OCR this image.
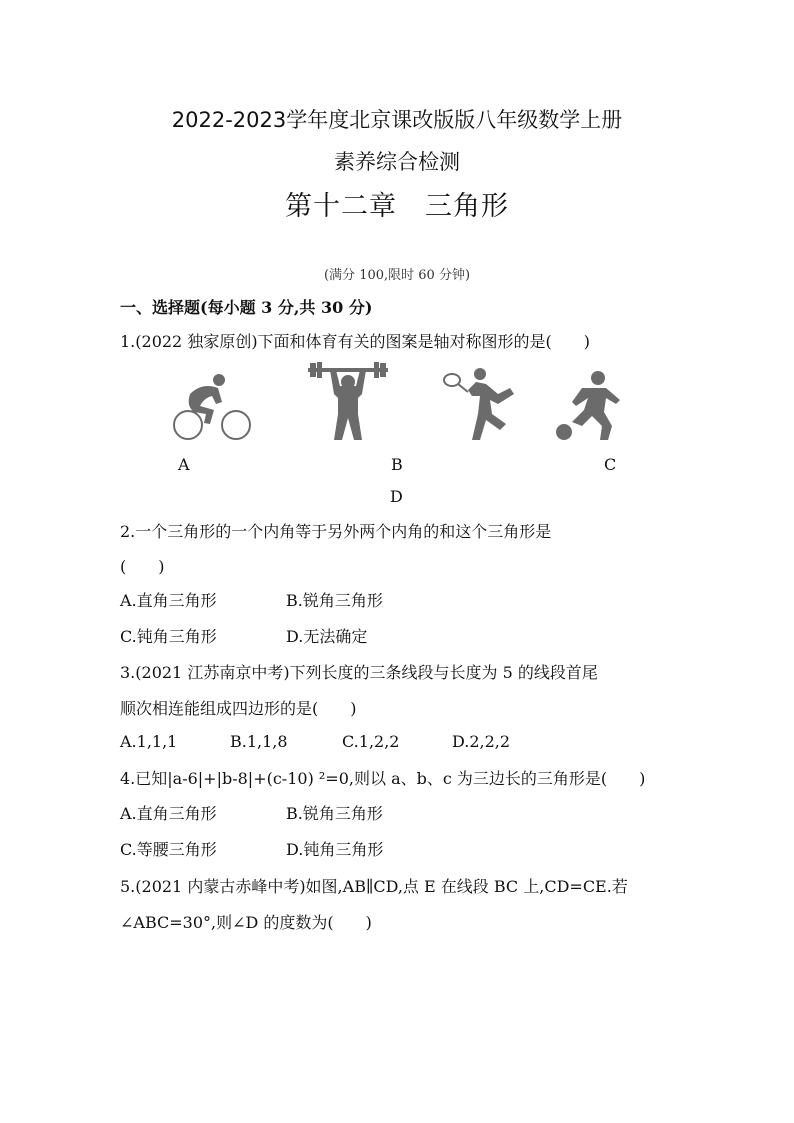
2022-2023学年度北京课改版版八年级数学上册
素养综合检测
第十二章　三角形
(满分 100,限时 60 分钟)
一、选择题(每小题 3 分,共 30 分)
1.(2022 独家原创)下面和体育有关的图案是轴对称图形的是(　　)
A	B	C
D
2.一个三角形的一个内角等于另外两个内角的和这个三角形是
(　　)
A.直角三角形	B.锐角三角形
C.钝角三角形	D.无法确定
3.(2021 江苏南京中考)下列长度的三条线段与长度为 5 的线段首尾
顺次相连能组成四边形的是(　　)
A.1,1,1	B.1,1,8	C.1,2,2	D.2,2,2
4.已知|a-6|+|b-8|+(c-10) ²=0,则以 a、b、c 为三边长的三角形是(　　)
A.直角三角形	B.锐角三角形
C.等腰三角形	D.钝角三角形
5.(2021 内蒙古赤峰中考)如图,AB∥CD,点 E 在线段 BC 上,CD=CE.若
∠ABC=30°,则∠D 的度数为(　　)
